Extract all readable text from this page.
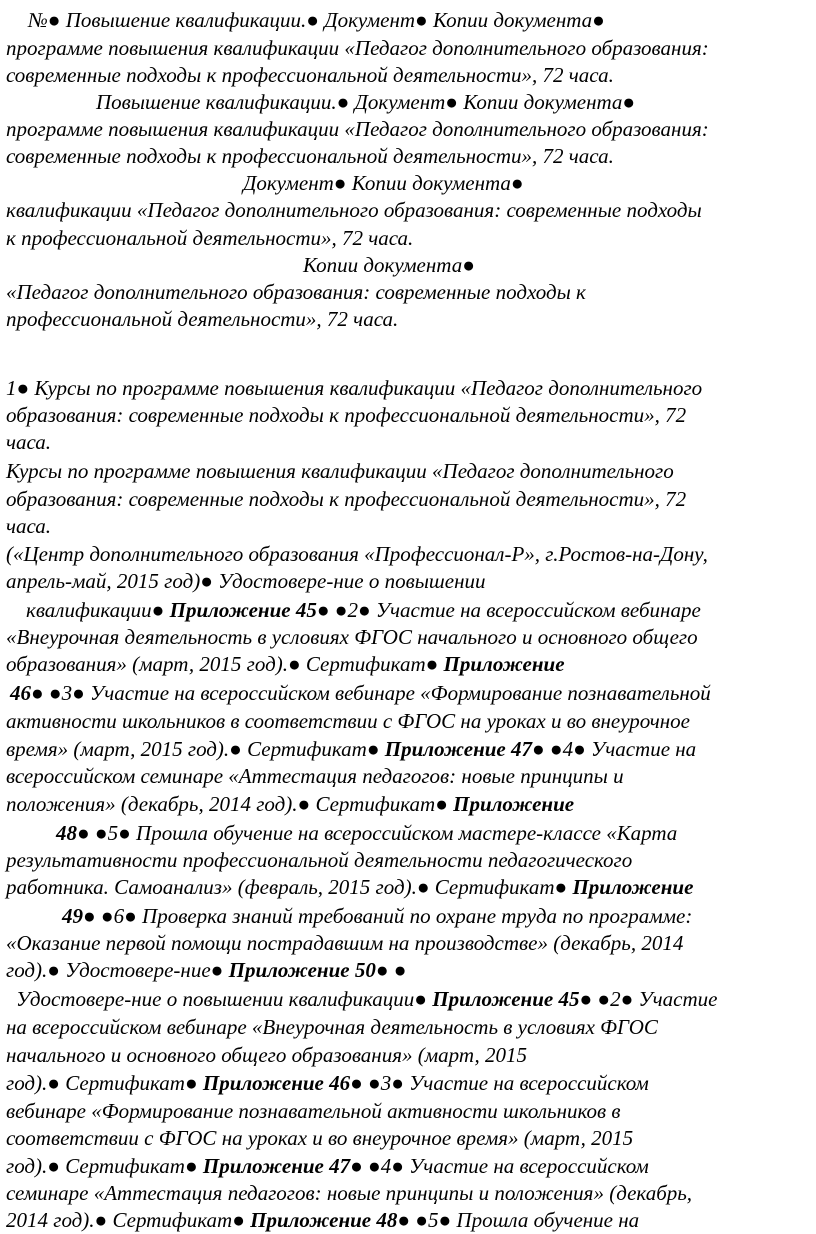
№● Повышение квалификации.● Документ● Копии документа●
программе повышения квалификации «Педагог дополнительного образования:
современные подходы к профессиональной деятельности», 72 часа.
Повышение квалификации.● Документ● Копии документа●
программе повышения квалификации «Педагог дополнительного образования:
современные подходы к профессиональной деятельности», 72 часа.
Документ● Копии документа●
квалификации «Педагог дополнительного образования: современные подходы
к профессиональной деятельности», 72 часа.
Копии документа●
«Педагог дополнительного образования: современные подходы к
профессиональной деятельности», 72 часа.
1● Курсы по программе повышения квалификации «Педагог дополнительного
образования: современные подходы к профессиональной деятельности», 72
часа.
Курсы по программе повышения квалификации «Педагог дополнительного
образования: современные подходы к профессиональной деятельности», 72
часа.
(«Центр дополнительного образования «Профессионал-Р», г.Ростов-на-Дону,
апрель-май, 2015 год)● Удостовере-ние о повышении
квалификации● Приложение 45● ●2● Участие на всероссийском вебинаре
«Внеурочная деятельность в условиях ФГОС начального и основного общего
образования» (март, 2015 год).● Сертификат● Приложение
46● ●3● Участие на всероссийском вебинаре «Формирование познавательной
активности школьников в соответствии с ФГОС на уроках и во внеурочное
время» (март, 2015 год).● Сертификат● Приложение 47● ●4● Участие на
всероссийском семинаре «Аттестация педагогов: новые принципы и
положения» (декабрь, 2014 год).● Сертификат● Приложение
48● ●5● Прошла обучение на всероссийском мастере-классе «Карта
результативности профессиональной деятельности педагогического
работника. Самоанализ» (февраль, 2015 год).● Сертификат● Приложение
49● ●6● Проверка знаний требований по охране труда по программе:
«Оказание первой помощи пострадавшим на производстве» (декабрь, 2014
год).● Удостовере-ние● Приложение 50● ●
Удостовере-ние о повышении квалификации● Приложение 45● ●2● Участие
на всероссийском вебинаре «Внеурочная деятельность в условиях ФГОС
начального и основного общего образования» (март, 2015
год).● Сертификат● Приложение 46● ●3● Участие на всероссийском
вебинаре «Формирование познавательной активности школьников в
соответствии с ФГОС на уроках и во внеурочное время» (март, 2015
год).● Сертификат● Приложение 47● ●4● Участие на всероссийском
семинаре «Аттестация педагогов: новые принципы и положения» (декабрь,
2014 год).● Сертификат● Приложение 48● ●5● Прошла обучение на
